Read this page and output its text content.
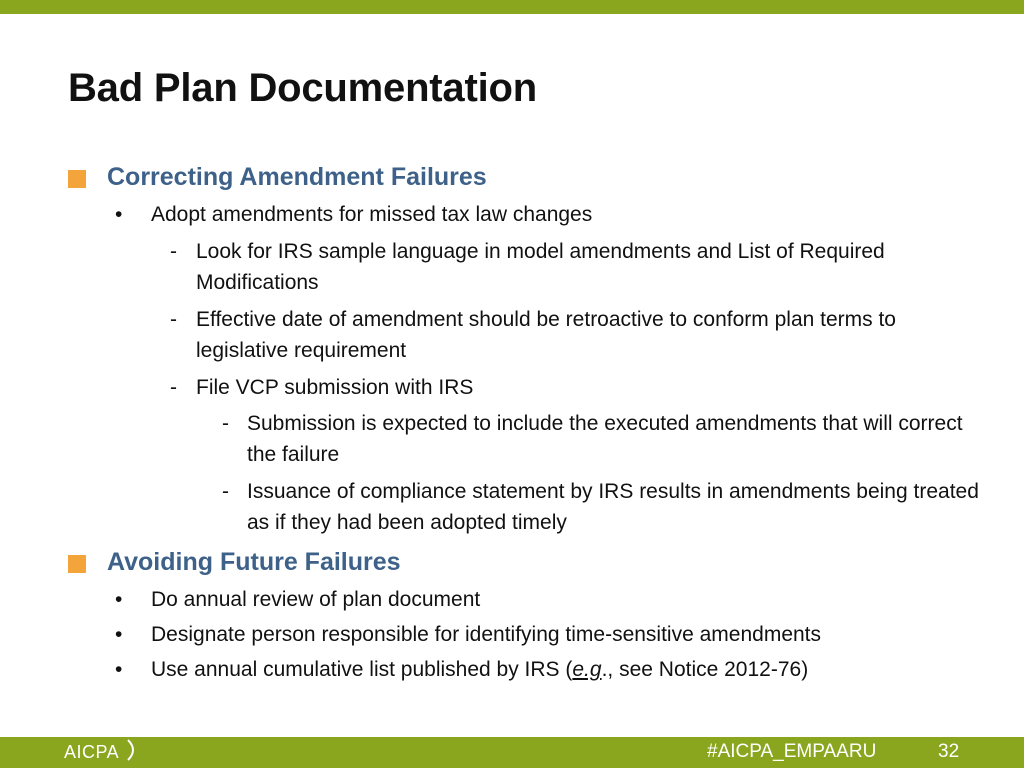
Bad Plan Documentation
Correcting Amendment Failures
• Adopt amendments for missed tax law changes
- Look for IRS sample language in model amendments and List of Required Modifications
- Effective date of amendment should be retroactive to conform plan terms to legislative requirement
- File VCP submission with IRS
- Submission is expected to include the executed amendments that will correct the failure
- Issuance of compliance statement by IRS results in amendments being treated as if they had been adopted timely
Avoiding Future Failures
• Do annual review of plan document
• Designate person responsible for identifying time-sensitive amendments
• Use annual cumulative list published by IRS (e.g., see Notice 2012-76)
AICPA	#AICPA_EMPAARU	32
